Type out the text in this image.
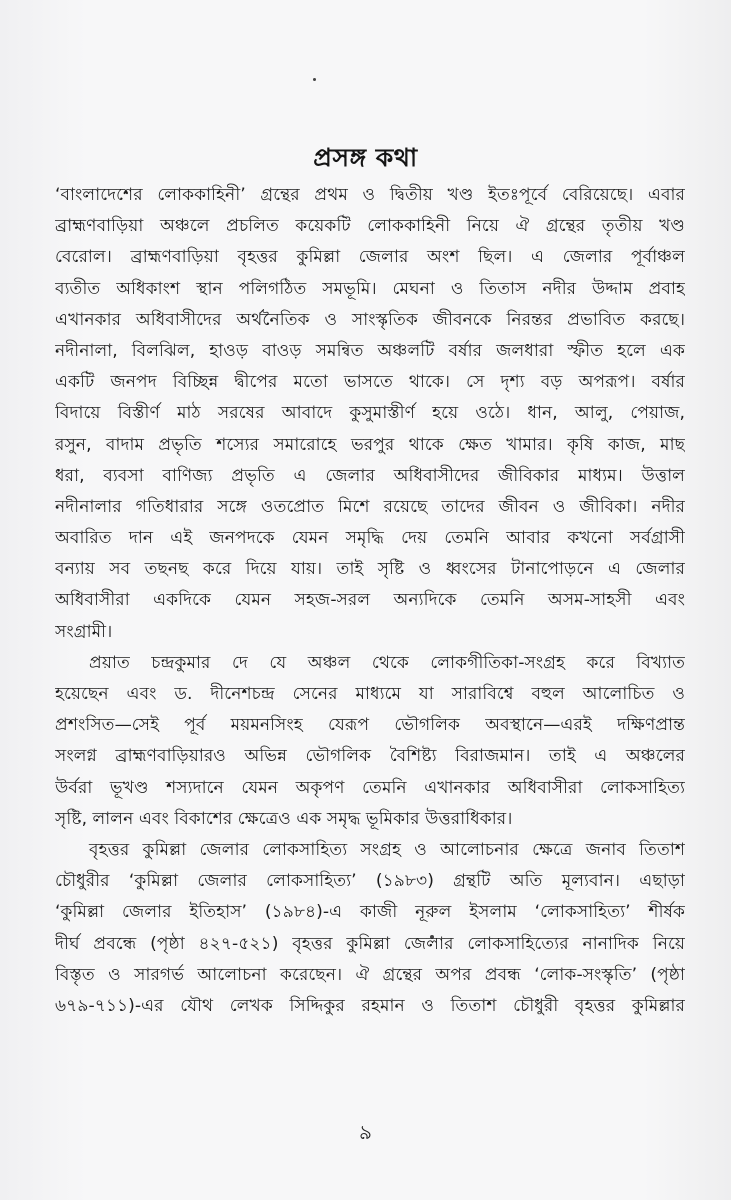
প্রসঙ্গ কথা
‘বাংলাদেশের লোককাহিনী’ গ্রন্থের প্রথম ও দ্বিতীয় খণ্ড ইতঃপূর্বে বেরিয়েছে। এবার
ব্রাহ্মণবাড়িয়া অঞ্চলে প্রচলিত কয়েকটি লোককাহিনী নিয়ে ঐ গ্রন্থের তৃতীয় খণ্ড
বেরোল। ব্রাহ্মণবাড়িয়া বৃহত্তর কুমিল্লা জেলার অংশ ছিল। এ জেলার পূর্বাঞ্চল
ব্যতীত অধিকাংশ স্থান পলিগঠিত সমভূমি। মেঘনা ও তিতাস নদীর উদ্দাম প্রবাহ
এখানকার অধিবাসীদের অর্থনৈতিক ও সাংস্কৃতিক জীবনকে নিরন্তর প্রভাবিত করছে।
নদীনালা, বিলঝিল, হাওড় বাওড় সমন্বিত অঞ্চলটি বর্ষার জলধারা স্ফীত হলে এক
একটি জনপদ বিচ্ছিন্ন দ্বীপের মতো ভাসতে থাকে। সে দৃশ্য বড় অপরূপ। বর্ষার
বিদায়ে বিস্তীর্ণ মাঠ সরষের আবাদে কুসুমাস্তীর্ণ হয়ে ওঠে। ধান, আলু, পেয়াজ,
রসুন, বাদাম প্রভৃতি শস্যের সমারোহে ভরপুর থাকে ক্ষেত খামার। কৃষি কাজ, মাছ
ধরা, ব্যবসা বাণিজ্য প্রভৃতি এ জেলার অধিবাসীদের জীবিকার মাধ্যম। উত্তাল
নদীনালার গতিধারার সঙ্গে ওতপ্রোত মিশে রয়েছে তাদের জীবন ও জীবিকা। নদীর
অবারিত দান এই জনপদকে যেমন সমৃদ্ধি দেয় তেমনি আবার কখনো সর্বগ্রাসী
বন্যায় সব তছনছ করে দিয়ে যায়। তাই সৃষ্টি ও ধ্বংসের টানাপোড়নে এ জেলার
অধিবাসীরা একদিকে যেমন সহজ-সরল অন্যদিকে তেমনি অসম-সাহসী এবং
সংগ্রামী।
প্রয়াত চন্দ্রকুমার দে যে অঞ্চল থেকে লোকগীতিকা-সংগ্রহ করে বিখ্যাত
হয়েছেন এবং ড. দীনেশচন্দ্র সেনের মাধ্যমে যা সারাবিশ্বে বহুল আলোচিত ও
প্রশংসিত—সেই পূর্ব ময়মনসিংহ যেরূপ ভৌগলিক অবস্থানে—এরই দক্ষিণপ্রান্ত
সংলগ্ন ব্রাহ্মণবাড়িয়ারও অভিন্ন ভৌগলিক বৈশিষ্ট্য বিরাজমান। তাই এ অঞ্চলের
উর্বরা ভূখণ্ড শস্যদানে যেমন অকৃপণ তেমনি এখানকার অধিবাসীরা লোকসাহিত্য
সৃষ্টি, লালন এবং বিকাশের ক্ষেত্রেও এক সমৃদ্ধ ভূমিকার উত্তরাধিকার।
বৃহত্তর কুমিল্লা জেলার লোকসাহিত্য সংগ্রহ ও আলোচনার ক্ষেত্রে জনাব তিতাশ
চৌধুরীর ‘কুমিল্লা জেলার লোকসাহিত্য’ (১৯৮৩) গ্রন্থটি অতি মূল্যবান। এছাড়া
‘কুমিল্লা জেলার ইতিহাস’ (১৯৮৪)-এ কাজী নূরুল ইসলাম ‘লোকসাহিত্য’ শীর্ষক
দীর্ঘ প্রবন্ধে (পৃষ্ঠা ৪২৭-৫২১) বৃহত্তর কুমিল্লা জেলার লোকসাহিত্যের নানাদিক নিয়ে
বিস্তৃত ও সারগর্ভ আলোচনা করেছেন। ঐ গ্রন্থের অপর প্রবন্ধ ‘লোক-সংস্কৃতি’ (পৃষ্ঠা
৬৭৯-৭১১)-এর যৌথ লেখক সিদ্দিকুর রহমান ও তিতাশ চৌধুরী বৃহত্তর কুমিল্লার
৯
